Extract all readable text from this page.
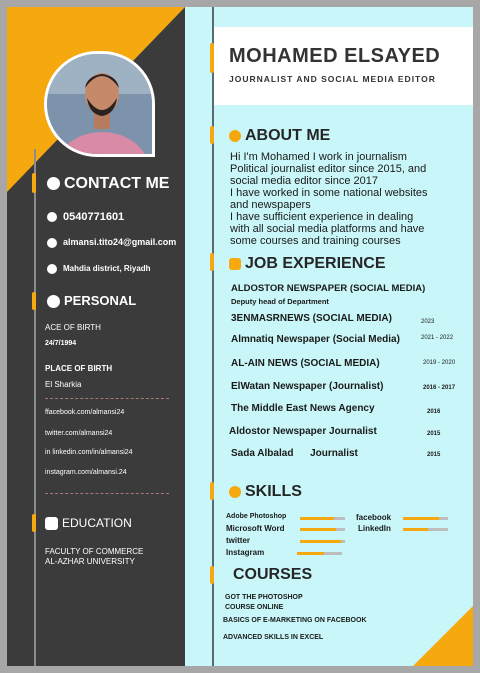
CONTACT ME
0540771601
almansi.tito24@gmail.com
Mahdia district, Riyadh
PERSONAL
ACE OF BIRTH
24/7/1994
PLACE OF BIRTH
El Sharkia
ffacebook.com/almansi24
twitter.com/almansi24
in linkedin.com/in/almansi24
instagram.com/almansi.24
EDUCATION
FACULTY OF COMMERCE
AL-AZHAR UNIVERSITY
MOHAMED ELSAYED
JOURNALIST AND SOCIAL MEDIA EDITOR
ABOUT ME
Hi I'm Mohamed I work in journalism
Political journalist editor since 2015, and
social media editor since 2017
I have worked in some national websites
and newspapers
I have sufficient experience in dealing
with all social media platforms and have
some courses and training courses
JOB EXPERIENCE
ALDOSTOR NEWSPAPER (SOCIAL MEDIA)
Deputy head of Department
3ENMASRNEWS (SOCIAL MEDIA)	2023
Almnatiq Newspaper (Social Media)	2021 - 2022
AL-AIN NEWS (SOCIAL MEDIA)	2019 - 2020
ElWatan Newspaper (Journalist)	2016 - 2017
The Middle East News Agency	2016
Aldostor Newspaper Journalist	2015
Sada Albalad      Journalist	2015
SKILLS
Adobe Photoshop
Microsoft Word
twitter
Instagram
facebook
LinkedIn
COURSES
GOT THE PHOTOSHOP
COURSE ONLINE
BASICS OF E-MARKETING ON FACEBOOK
ADVANCED SKILLS IN EXCEL
